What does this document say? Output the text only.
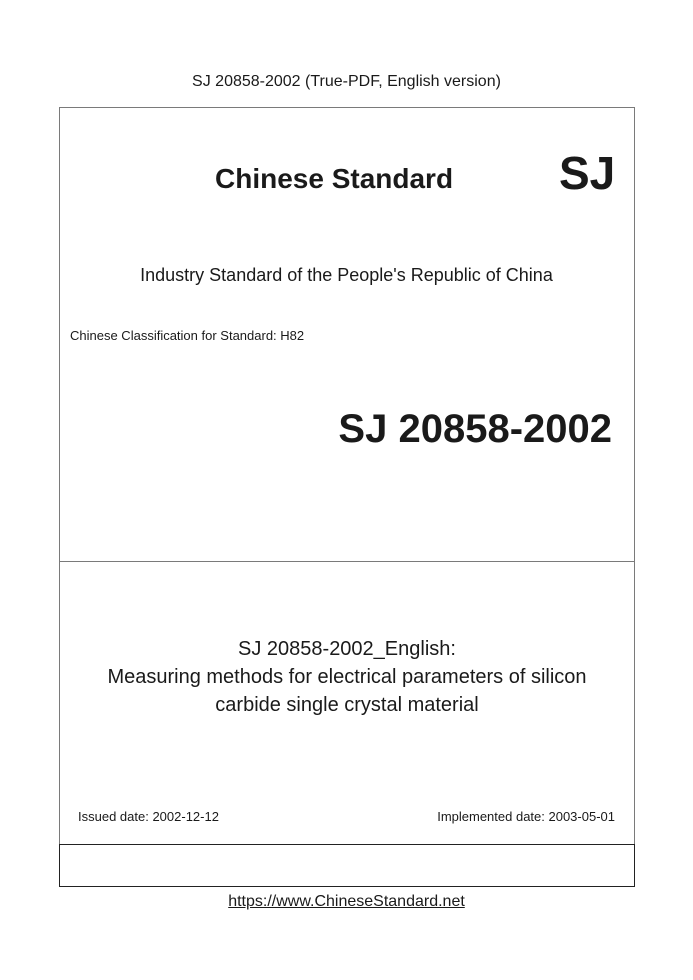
SJ 20858-2002 (True-PDF, English version)
Chinese Standard SJ
Industry Standard of the People's Republic of China
Chinese Classification for Standard: H82
SJ 20858-2002
SJ 20858-2002_English:
Measuring methods for electrical parameters of silicon
carbide single crystal material
Issued date: 2002-12-12	Implemented date: 2003-05-01
https://www.ChineseStandard.net
